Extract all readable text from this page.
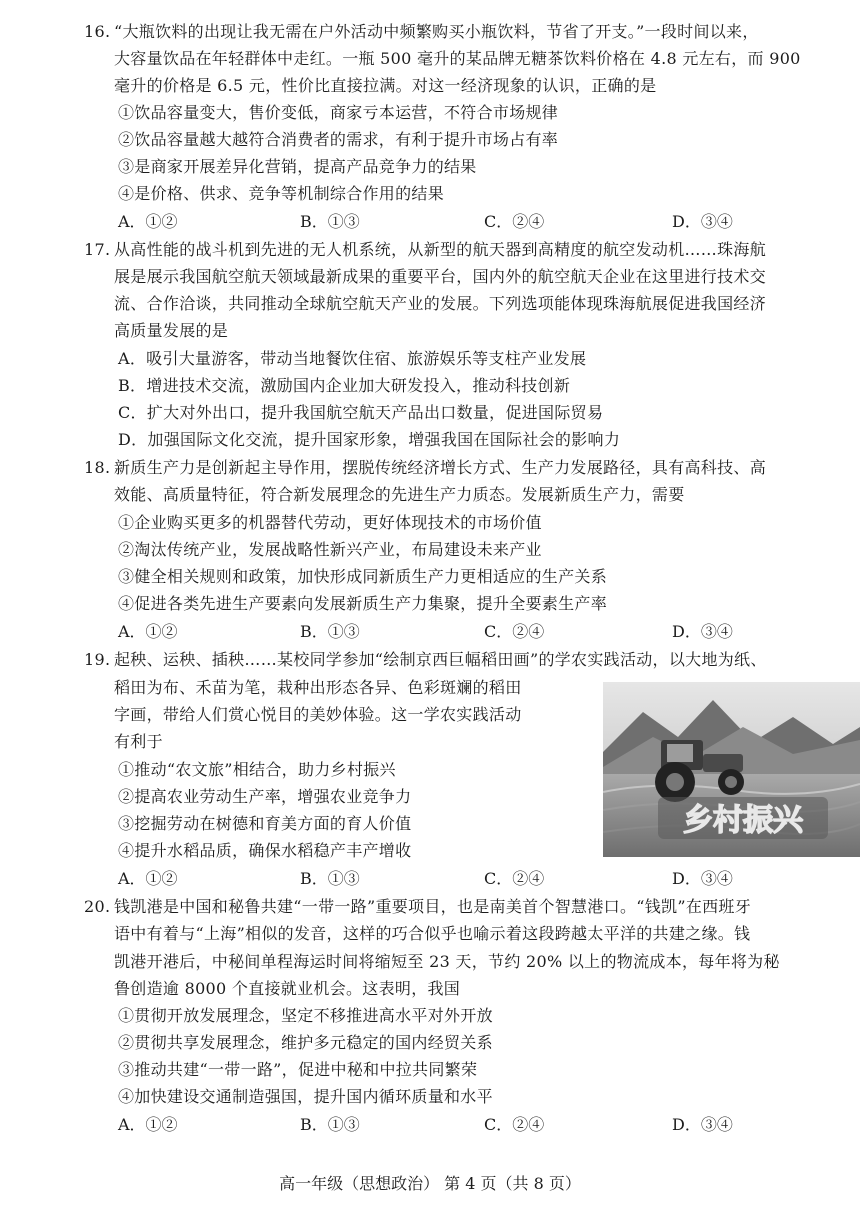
16. “大瓶饮料的出现让我无需在户外活动中频繁购买小瓶饮料，节省了开支。”一段时间以来，
大容量饮品在年轻群体中走红。一瓶 500 毫升的某品牌无糖茶饮料价格在 4.8 元左右，而 900
毫升的价格是 6.5 元，性价比直接拉满。对这一经济现象的认识，正确的是
①饮品容量变大，售价变低，商家亏本运营，不符合市场规律
②饮品容量越大越符合消费者的需求，有利于提升市场占有率
③是商家开展差异化营销，提高产品竞争力的结果
④是价格、供求、竞争等机制综合作用的结果
A．①②	B．①③	C．②④	D．③④
17. 从高性能的战斗机到先进的无人机系统，从新型的航天器到高精度的航空发动机……珠海航
展是展示我国航空航天领域最新成果的重要平台，国内外的航空航天企业在这里进行技术交
流、合作洽谈，共同推动全球航空航天产业的发展。下列选项能体现珠海航展促进我国经济
高质量发展的是
A．吸引大量游客，带动当地餐饮住宿、旅游娱乐等支柱产业发展
B．增进技术交流，激励国内企业加大研发投入，推动科技创新
C．扩大对外出口，提升我国航空航天产品出口数量，促进国际贸易
D．加强国际文化交流，提升国家形象，增强我国在国际社会的影响力
18. 新质生产力是创新起主导作用，摆脱传统经济增长方式、生产力发展路径，具有高科技、高
效能、高质量特征，符合新发展理念的先进生产力质态。发展新质生产力，需要
①企业购买更多的机器替代劳动，更好体现技术的市场价值
②淘汰传统产业，发展战略性新兴产业，布局建设未来产业
③健全相关规则和政策，加快形成同新质生产力更相适应的生产关系
④促进各类先进生产要素向发展新质生产力集聚，提升全要素生产率
A．①②	B．①③	C．②④	D．③④
19. 起秧、运秧、插秧……某校同学参加“绘制京西巨幅稻田画”的学农实践活动，以大地为纸、
稻田为布、禾苗为笔，栽种出形态各异、色彩斑斓的稻田
字画，带给人们赏心悦目的美妙体验。这一学农实践活动
有利于
①推动“农文旅”相结合，助力乡村振兴
②提高农业劳动生产率，增强农业竞争力
③挖掘劳动在树德和育美方面的育人价值
④提升水稻品质，确保水稻稳产丰产增收
A．①②	B．①③	C．②④	D．③④
乡村振兴
20. 钱凯港是中国和秘鲁共建“一带一路”重要项目，也是南美首个智慧港口。“钱凯”在西班牙
语中有着与“上海”相似的发音，这样的巧合似乎也喻示着这段跨越太平洋的共建之缘。钱
凯港开港后，中秘间单程海运时间将缩短至 23 天，节约 20% 以上的物流成本，每年将为秘
鲁创造逾 8000 个直接就业机会。这表明，我国
①贯彻开放发展理念，坚定不移推进高水平对外开放
②贯彻共享发展理念，维护多元稳定的国内经贸关系
③推动共建“一带一路”，促进中秘和中拉共同繁荣
④加快建设交通制造强国，提升国内循环质量和水平
A．①②	B．①③	C．②④	D．③④
高一年级（思想政治） 第 4 页（共 8 页）
